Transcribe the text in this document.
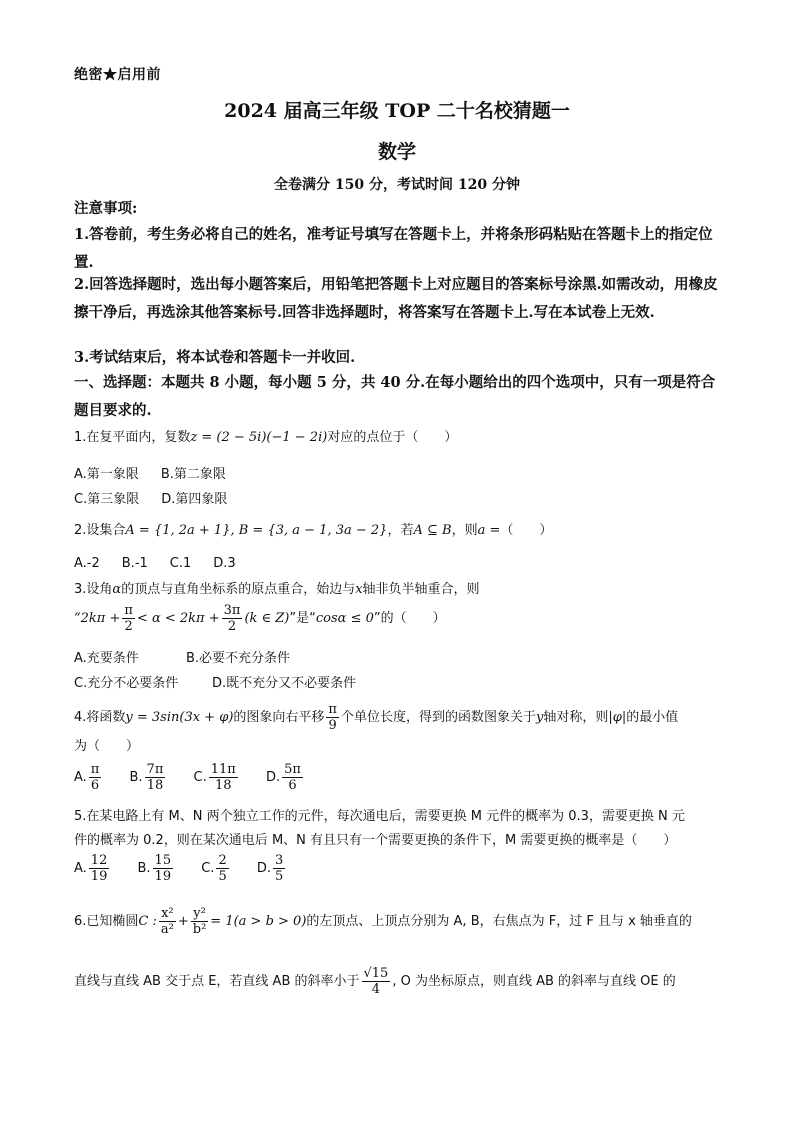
绝密★启用前
2024 届高三年级 TOP 二十名校猜题一
数学
全卷满分 150 分，考试时间 120 分钟
注意事项:
1.答卷前，考生务必将自己的姓名，准考证号填写在答题卡上，并将条形码粘贴在答题卡上的指定位置.
2.回答选择题时，选出每小题答案后，用铅笔把答题卡上对应题目的答案标号涂黑.如需改动，用橡皮擦干净后，再选涂其他答案标号.回答非选择题时，将答案写在答题卡上.写在本试卷上无效.
3.考试结束后，将本试卷和答题卡一并收回.
一、选择题：本题共 8 小题，每小题 5 分，共 40 分.在每小题给出的四个选项中，只有一项是符合题目要求的.
1.在复平面内，复数z = (2 − 5i)(−1 − 2i)对应的点位于（　　）
A.第一象限 B.第二象限
C.第三象限 D.第四象限
2.设集合A = {1, 2a + 1}, B = {3, a − 1, 3a − 2}，若A ⊆ B，则a =（　　）
A.-2 B.-1 C.1 D.3
3.设角α的顶点与直角坐标系的原点重合，始边与x轴非负半轴重合，则
“$2k\pi + \frac{\pi}{2} < \alpha < 2k\pi + \frac{3\pi}{2} (k$ ∈ Z)”是“cosα ≤ 0”的（　　）
A.充要条件	B.必要不充分条件
C.充分不必要条件	D.既不充分又不必要条件
4.将函数y = 3sin(3x + φ)的图象向右平移 $\frac{\pi}{9}$ 个单位长度，得到的函数图象关于y轴对称，则|φ|的最小值
为（　　）
A. $\frac{\pi}{6} B$. $\frac{7\pi}{18} C$. $\frac{11\pi}{18} D$. $\frac{5\pi}{6}$
5.在某电路上有 M、N 两个独立工作的元件，每次通电后，需要更换 M 元件的概率为 0.3，需要更换 N 元
件的概率为 0.2，则在某次通电后 M、N 有且只有一个需要更换的条件下，M 需要更换的概率是（　　）
A. $\frac{12}{19} B$. $\frac{15}{19} C$. $\frac{2}{5} D$. $\frac{3}{5}$
6.已知椭圆C : $\frac{\text{x²}}{\text{a²}} + \frac{\text{y²}}{\text{b²}} = 1(a > b > 0)$的左顶点、上顶点分别为 A, B，右焦点为 F，过 F 且与 x 轴垂直的
直线与直线 AB 交于点 E，若直线 AB 的斜率小于 $\frac{√15}{4}$ , O 为坐标原点，则直线 AB 的斜率与直线 OE 的
